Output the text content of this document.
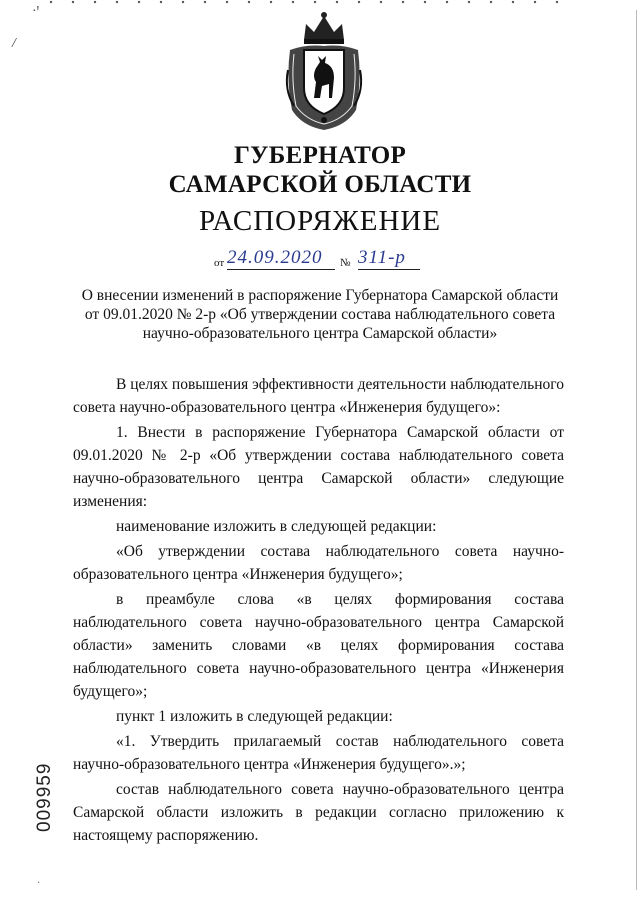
·ꞌ
/
ГУБЕРНАТОР
САМАРСКОЙ ОБЛАСТИ
РАСПОРЯЖЕНИЕ
от 24.09.2020	№ 311-р
О внесении изменений в распоряжение Губернатора Самарской области
от 09.01.2020 № 2-р «Об утверждении состава наблюдательного совета
научно-образовательного центра Самарской области»

В целях повышения эффективности деятельности наблюдательного совета научно-образовательного центра «Инженерия будущего»:

1. Внести в распоряжение Губернатора Самарской области от 09.01.2020 № 2-р «Об утверждении состава наблюдательного совета научно-образовательного центра Самарской области» следующие изменения:

наименование изложить в следующей редакции:

«Об утверждении состава наблюдательного совета научно-образовательного центра «Инженерия будущего»;

в преамбуле слова «в целях формирования состава наблюдательного совета научно-образовательного центра Самарской области» заменить словами «в целях формирования состава наблюдательного совета научно-образовательного центра «Инженерия будущего»;

пункт 1 изложить в следующей редакции:

«1. Утвердить прилагаемый состав наблюдательного совета научно-образовательного центра «Инженерия будущего».»;

состав наблюдательного совета научно-образовательного центра Самарской области изложить в редакции согласно приложению к настоящему распоряжению.

009959
·
